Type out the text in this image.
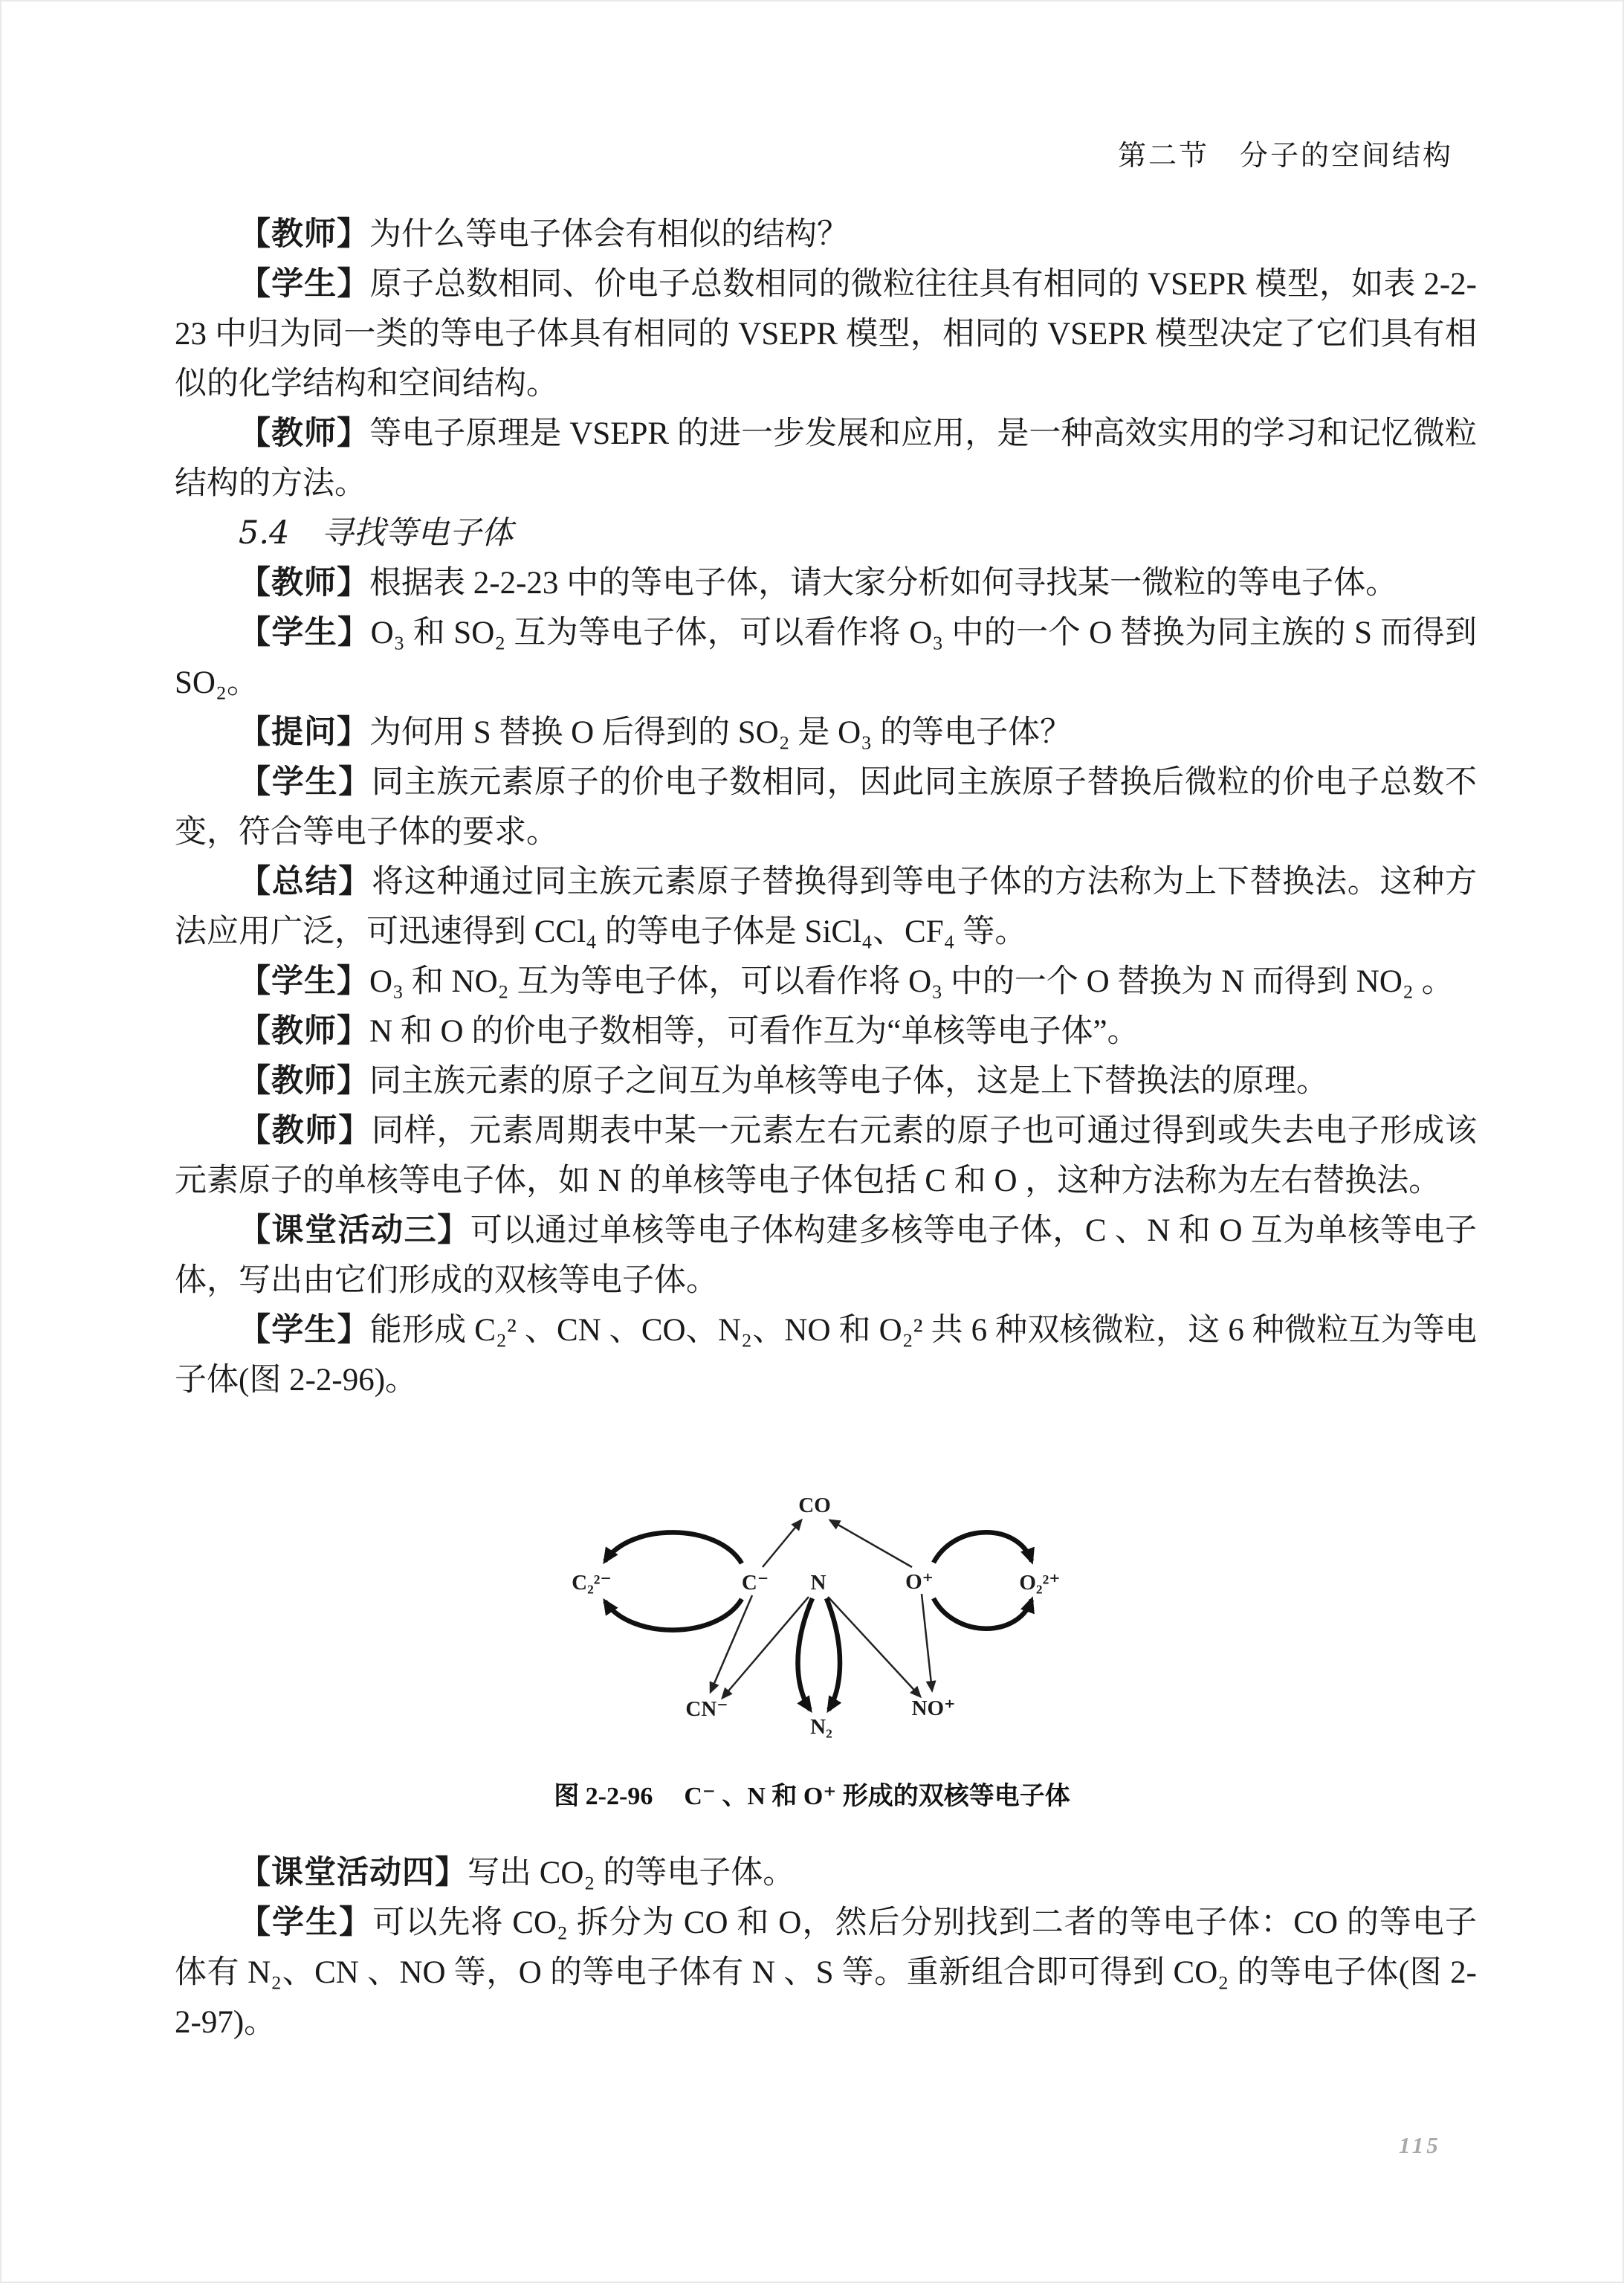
第二节　分子的空间结构

【教师】为什么等电子体会有相似的结构？

【学生】原子总数相同、价电子总数相同的微粒往往具有相同的 VSEPR 模型，如表 2-2-23 中归为同一类的等电子体具有相同的 VSEPR 模型，相同的 VSEPR 模型决定了它们具有相似的化学结构和空间结构。

【教师】等电子原理是 VSEPR 的进一步发展和应用，是一种高效实用的学习和记忆微粒结构的方法。

5.4　寻找等电子体

【教师】根据表 2-2-23 中的等电子体，请大家分析如何寻找某一微粒的等电子体。

【学生】O₃ 和 SO₂ 互为等电子体，可以看作将 O₃ 中的一个 O 替换为同主族的 S 而得到 SO₂。

【提问】为何用 S 替换 O 后得到的 SO₂ 是 O₃ 的等电子体？

【学生】同主族元素原子的价电子数相同，因此同主族原子替换后微粒的价电子总数不变，符合等电子体的要求。

【总结】将这种通过同主族元素原子替换得到等电子体的方法称为上下替换法。这种方法应用广泛，可迅速得到 CCl₄ 的等电子体是 SiCl₄、CF₄ 等。

【学生】O₃ 和 NO₂ 互为等电子体，可以看作将 O₃ 中的一个 O 替换为 N 而得到 NO₂ 。

【教师】N 和 O 的价电子数相等，可看作互为“单核等电子体”。

【教师】同主族元素的原子之间互为单核等电子体，这是上下替换法的原理。

【教师】同样，元素周期表中某一元素左右元素的原子也可通过得到或失去电子形成该元素原子的单核等电子体，如 N 的单核等电子体包括 C 和 O ，这种方法称为左右替换法。

【课堂活动三】可以通过单核等电子体构建多核等电子体，C 、N 和 O 互为单核等电子体，写出由它们形成的双核等电子体。

【学生】能形成 C₂² 、CN 、CO、N₂、NO 和 O₂² 共 6 种双核微粒，这 6 种微粒互为等电子体(图 2-2-96)。

CO
C₂²⁻	C⁻ N	O⁺	O₂²⁺
CN⁻
N₂
NO⁺
图 2-2-96 C⁻ 、N 和 O⁺ 形成的双核等电子体

【课堂活动四】写出 CO₂ 的等电子体。

【学生】可以先将 CO₂ 拆分为 CO 和 O，然后分别找到二者的等电子体：CO 的等电子体有 N₂、CN 、NO 等，O 的等电子体有 N 、S 等。重新组合即可得到 CO₂ 的等电子体(图 2-2-97)。

115
